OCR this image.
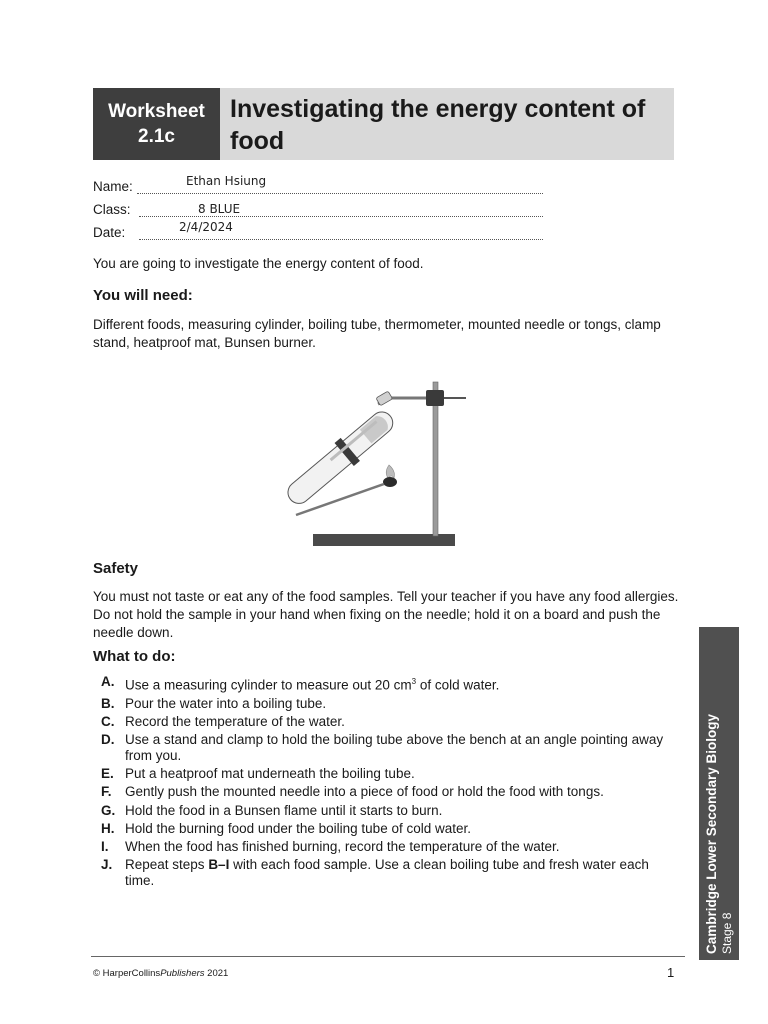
Worksheet
2.1c
Investigating the energy content of food
Name:	Ethan Hsiung
Class:	8 BLUE
Date:	2/4/2024
You are going to investigate the energy content of food.
You will need:
Different foods, measuring cylinder, boiling tube, thermometer, mounted needle or tongs, clamp stand, heatproof mat, Bunsen burner.
Safety
You must not taste or eat any of the food samples. Tell your teacher if you have any food allergies. Do not hold the sample in your hand when fixing on the needle; hold it on a board and push the needle down.
What to do:
A. Use a measuring cylinder to measure out 20 $cm^3$ of cold water.
B. Pour the water into a boiling tube.
C. Record the temperature of the water.
D. Use a stand and clamp to hold the boiling tube above the bench at an angle pointing away from you.
E. Put a heatproof mat underneath the boiling tube.
F. Gently push the mounted needle into a piece of food or hold the food with tongs.
G. Hold the food in a Bunsen flame until it starts to burn.
H. Hold the burning food under the boiling tube of cold water.
I.	When the food has finished burning, record the temperature of the water.
J. Repeat steps B–I with each food sample. Use a clean boiling tube and fresh water each time.	Cambridge Lower Secondary Biology Stage 8
© HarperCollinsPublishers 2021	1
